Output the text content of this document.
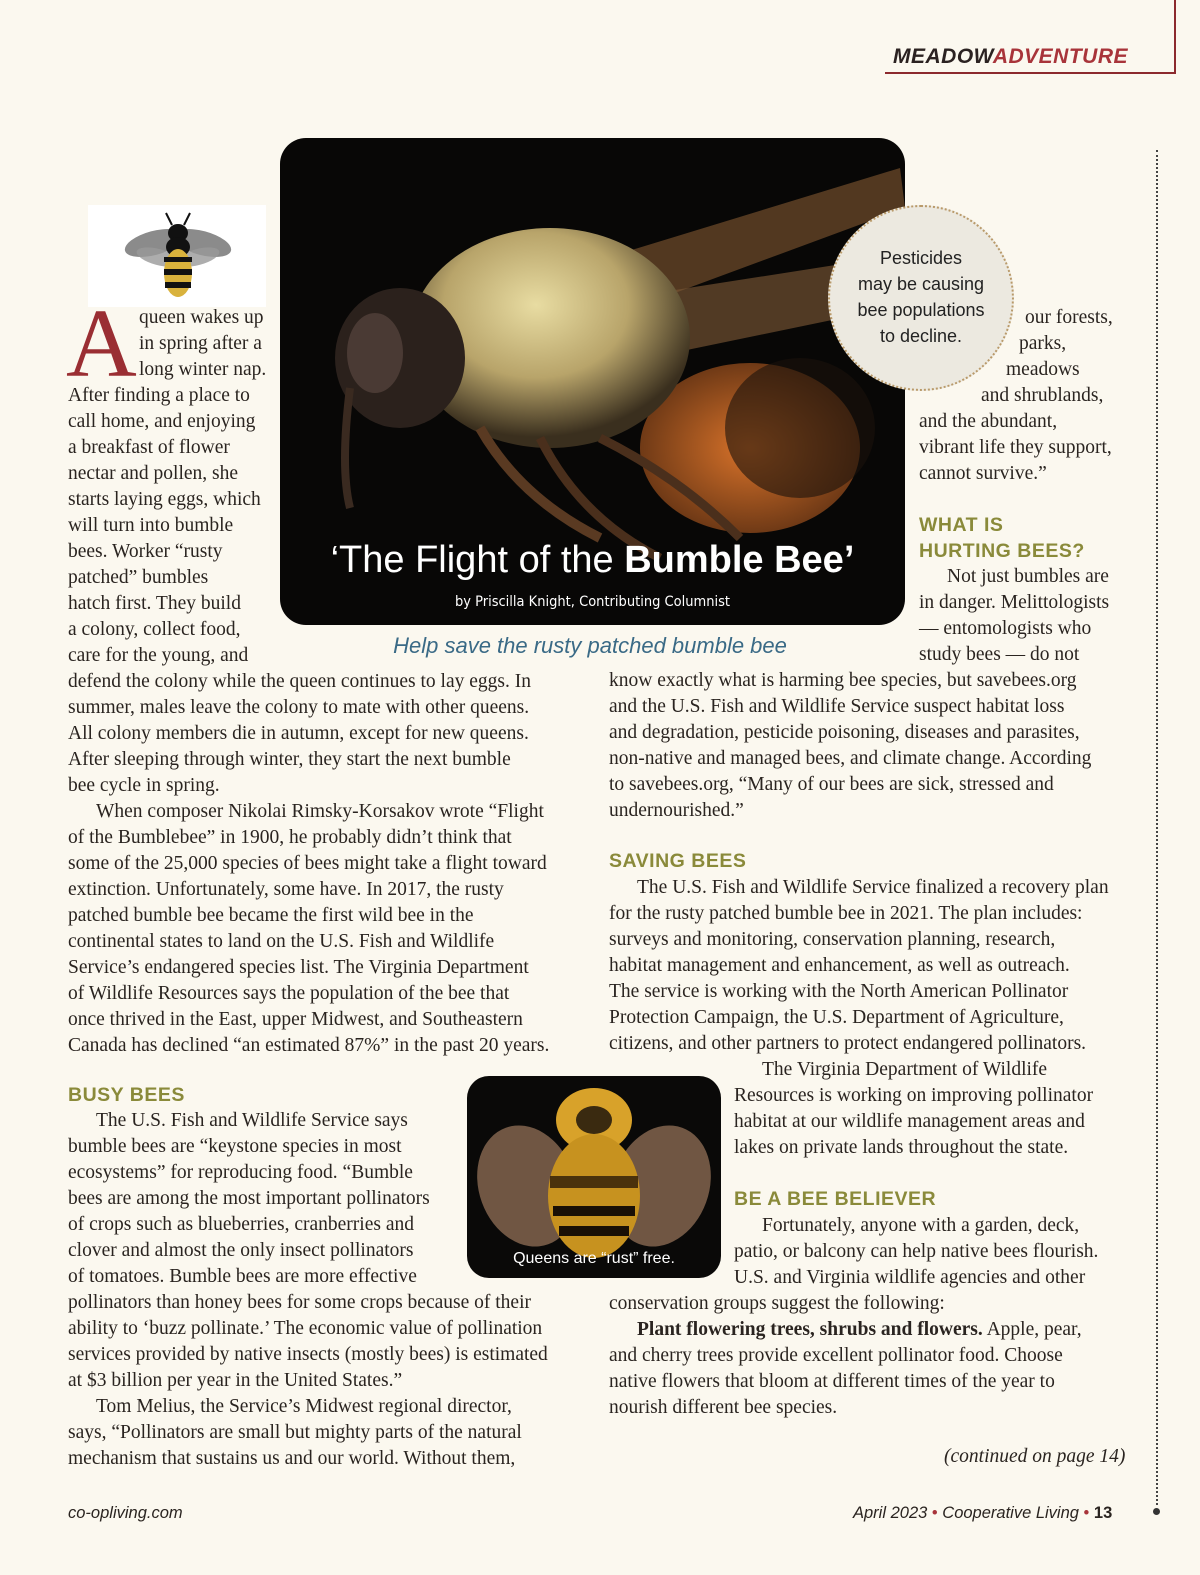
MEADOWADVENTURE
‘The Flight of the Bumble Bee’
by Priscilla Knight, Contributing Columnist
Help save the rusty patched bumble bee
Pesticides
may be causing
bee populations
to decline.
A queen wakes up

in spring after a

long winter nap.

After finding a place to

call home, and enjoying

a breakfast of flower

nectar and pollen, she

starts laying eggs, which

will turn into bumble

bees. Worker “rusty

patched” bumbles

hatch first. They build

a colony, collect food,

care for the young, and

defend the colony while the queen continues to lay eggs. In

summer, males leave the colony to mate with other queens.

All colony members die in autumn, except for new queens.

After sleeping through winter, they start the next bumble

bee cycle in spring.

When composer Nikolai Rimsky-Korsakov wrote “Flight

of the Bumblebee” in 1900, he probably didn’t think that

some of the 25,000 species of bees might take a flight toward

extinction. Unfortunately, some have. In 2017, the rusty

patched bumble bee became the first wild bee in the

continental states to land on the U.S. Fish and Wildlife

Service’s endangered species list. The Virginia Department

of Wildlife Resources says the population of the bee that

once thrived in the East, upper Midwest, and Southeastern

Canada has declined “an estimated 87%” in the past 20 years.

BUSY BEES

The U.S. Fish and Wildlife Service says

bumble bees are “keystone species in most

ecosystems” for reproducing food. “Bumble

bees are among the most important pollinators

of crops such as blueberries, cranberries and

clover and almost the only insect pollinators

of tomatoes. Bumble bees are more effective

pollinators than honey bees for some crops because of their

ability to ‘buzz pollinate.’ The economic value of pollination

services provided by native insects (mostly bees) is estimated

at $3 billion per year in the United States.”

Tom Melius, the Service’s Midwest regional director,

says, “Pollinators are small but mighty parts of the natural

mechanism that sustains us and our world. Without them,

Queens are “rust” free.
our forests,
parks,
meadows
and shrublands,
and the abundant,
vibrant life they support,
cannot survive.”
WHAT IS
HURTING BEES?

Not just bumbles are

in danger. Melittologists

— entomologists who

study bees — do not

know exactly what is harming bee species, but savebees.org

and the U.S. Fish and Wildlife Service suspect habitat loss

and degradation, pesticide poisoning, diseases and parasites,

non-native and managed bees, and climate change. According

to savebees.org, “Many of our bees are sick, stressed and

undernourished.”

SAVING BEES

The U.S. Fish and Wildlife Service finalized a recovery plan

for the rusty patched bumble bee in 2021. The plan includes:

surveys and monitoring, conservation planning, research,

habitat management and enhancement, as well as outreach.

The service is working with the North American Pollinator

Protection Campaign, the U.S. Department of Agriculture,

citizens, and other partners to protect endangered pollinators.

The Virginia Department of Wildlife

Resources is working on improving pollinator

habitat at our wildlife management areas and

lakes on private lands throughout the state.

BE A BEE BELIEVER

Fortunately, anyone with a garden, deck,

patio, or balcony can help native bees flourish.

U.S. and Virginia wildlife agencies and other

conservation groups suggest the following:

Plant flowering trees, shrubs and flowers. Apple, pear,

and cherry trees provide excellent pollinator food. Choose

native flowers that bloom at different times of the year to

nourish different bee species.

(continued on page 14)
co-opliving.com	April 2023 • Cooperative Living • 13
